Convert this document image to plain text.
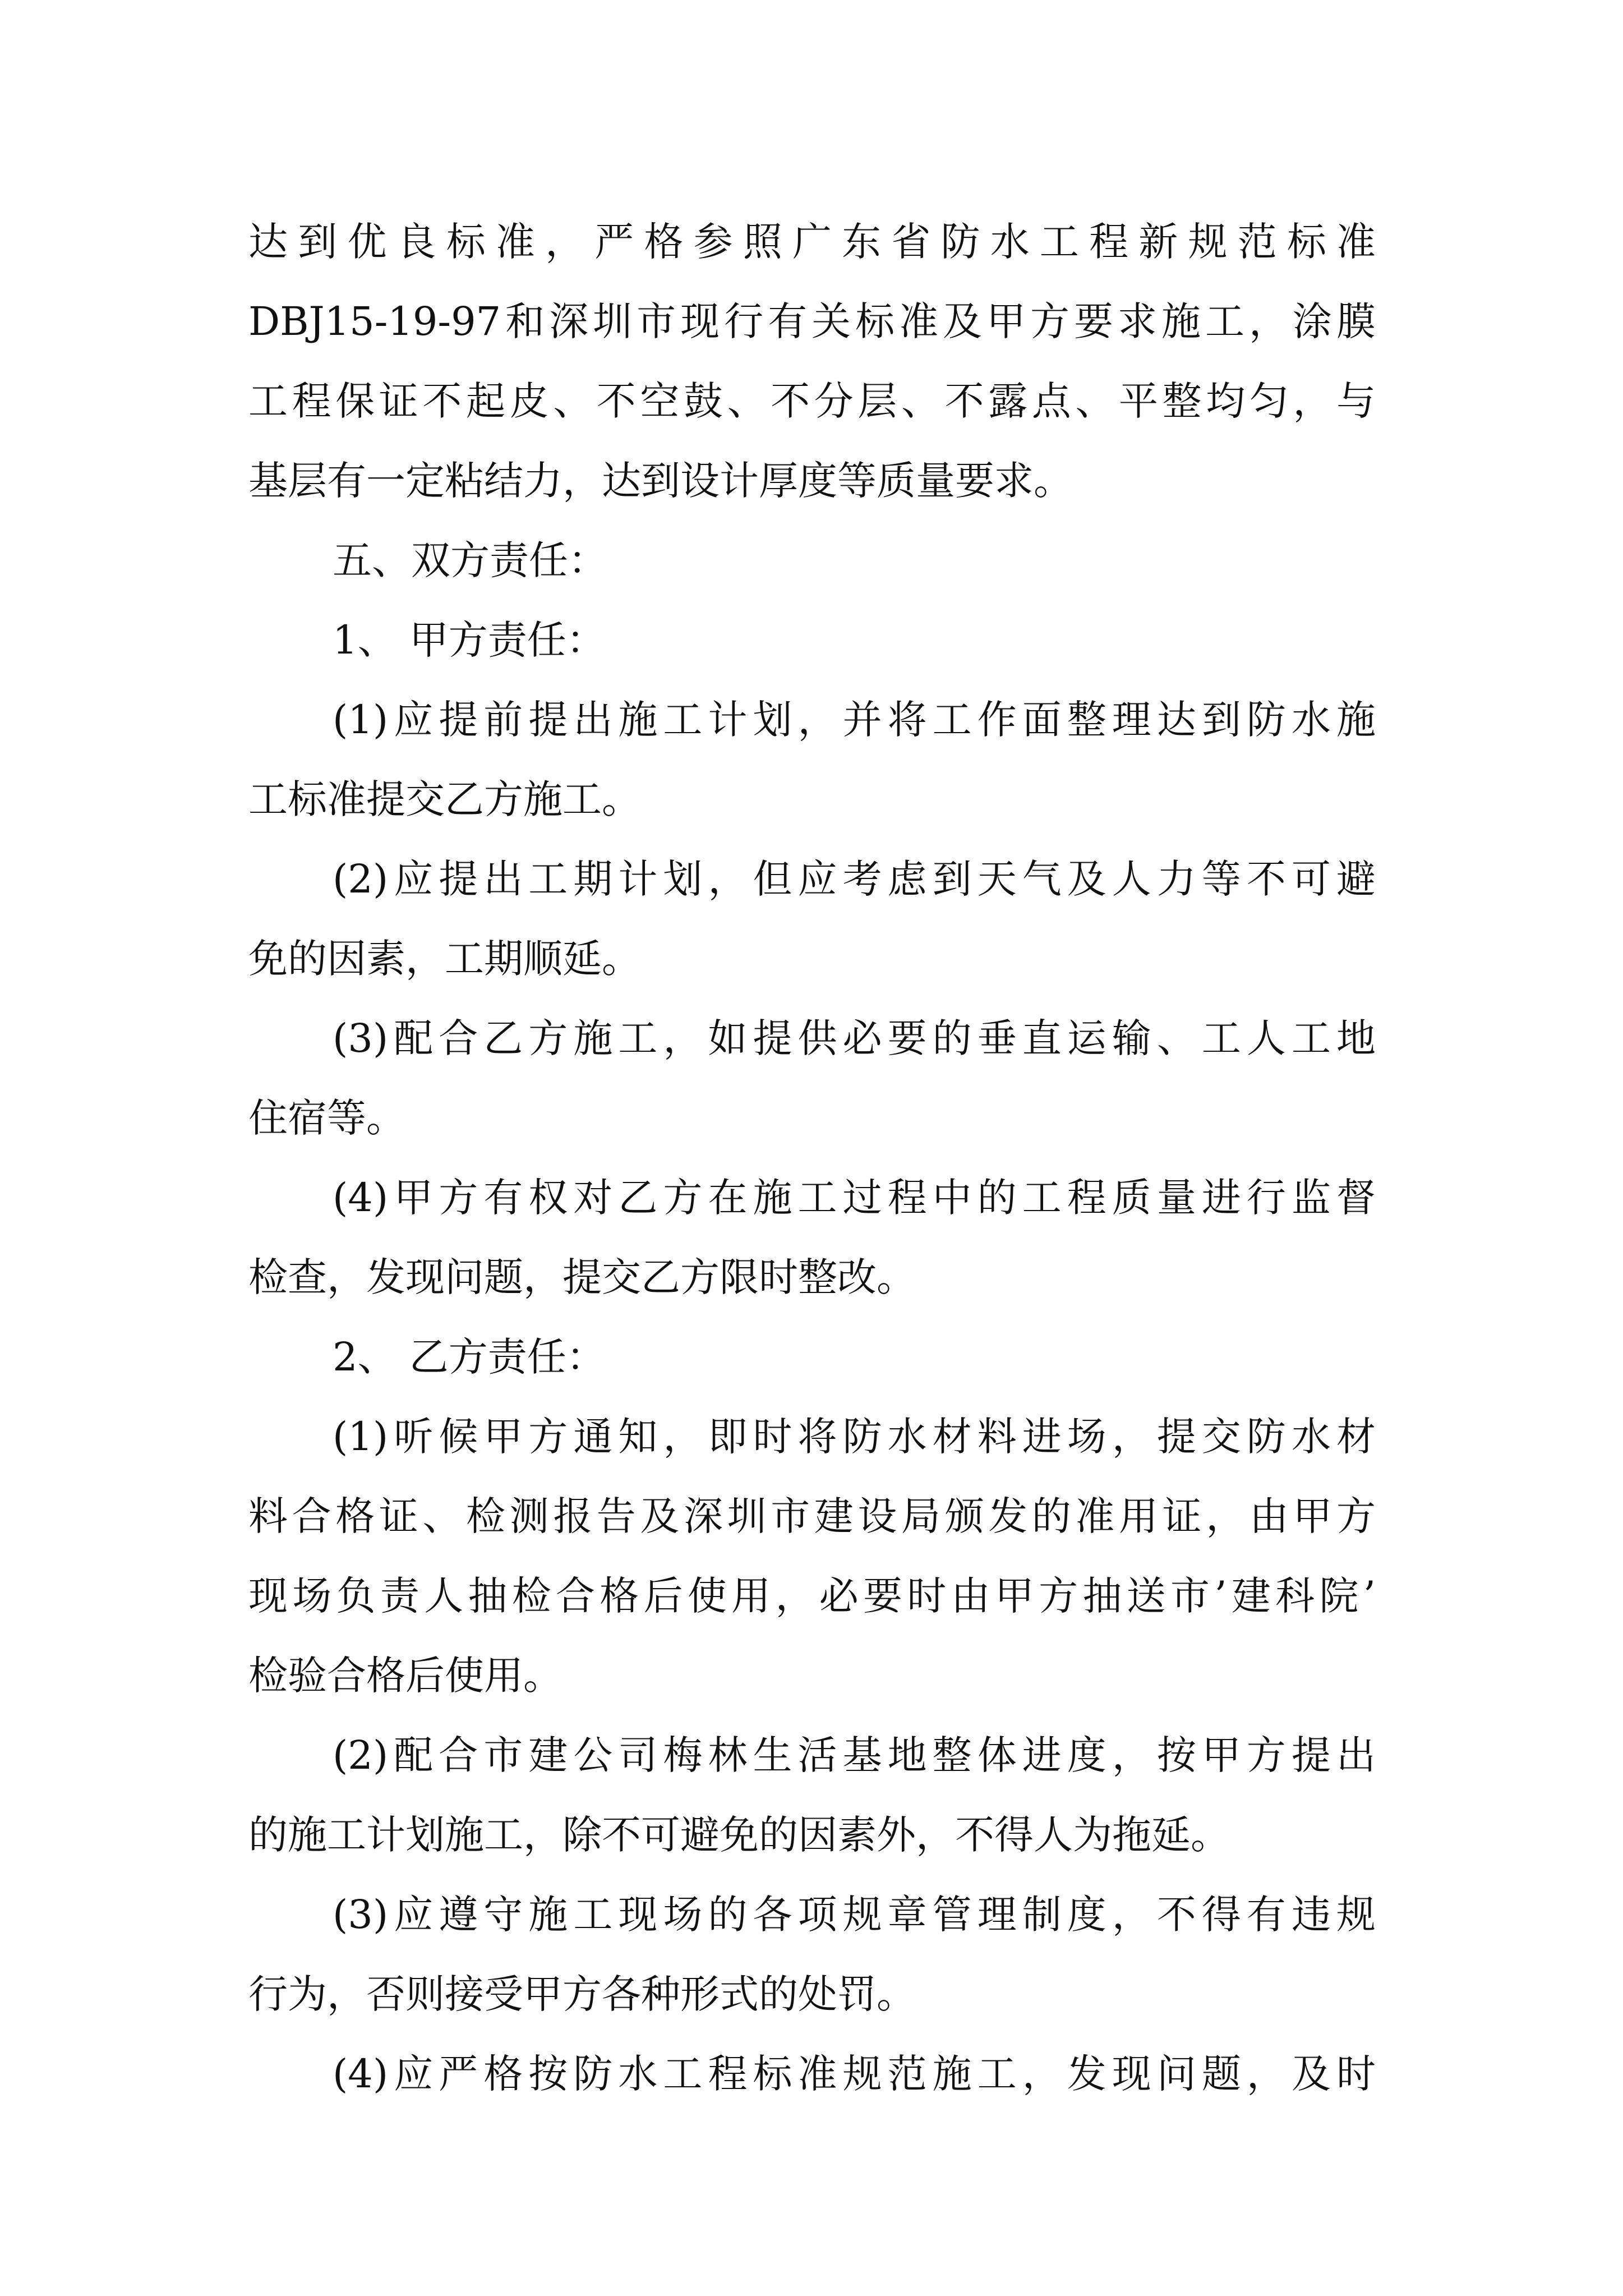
达到优良标准，严格参照广东省防水工程新规范标准
DBJ15-19-97和深圳市现行有关标准及甲方要求施工，涂膜
工程保证不起皮、不空鼓、不分层、不露点、平整均匀，与
基层有一定粘结力，达到设计厚度等质量要求。
五、双方责任：
1、 甲方责任：
(1)应提前提出施工计划，并将工作面整理达到防水施
工标准提交乙方施工。
(2)应提出工期计划，但应考虑到天气及人力等不可避
免的因素，工期顺延。
(3)配合乙方施工，如提供必要的垂直运输、工人工地
住宿等。
(4)甲方有权对乙方在施工过程中的工程质量进行监督
检查，发现问题，提交乙方限时整改。
2、 乙方责任：
(1)听候甲方通知，即时将防水材料进场，提交防水材
料合格证、检测报告及深圳市建设局颁发的准用证，由甲方
现场负责人抽检合格后使用，必要时由甲方抽送市’建科院’
检验合格后使用。
(2)配合市建公司梅林生活基地整体进度，按甲方提出
的施工计划施工，除不可避免的因素外，不得人为拖延。
(3)应遵守施工现场的各项规章管理制度，不得有违规
行为，否则接受甲方各种形式的处罚。
(4)应严格按防水工程标准规范施工，发现问题，及时
